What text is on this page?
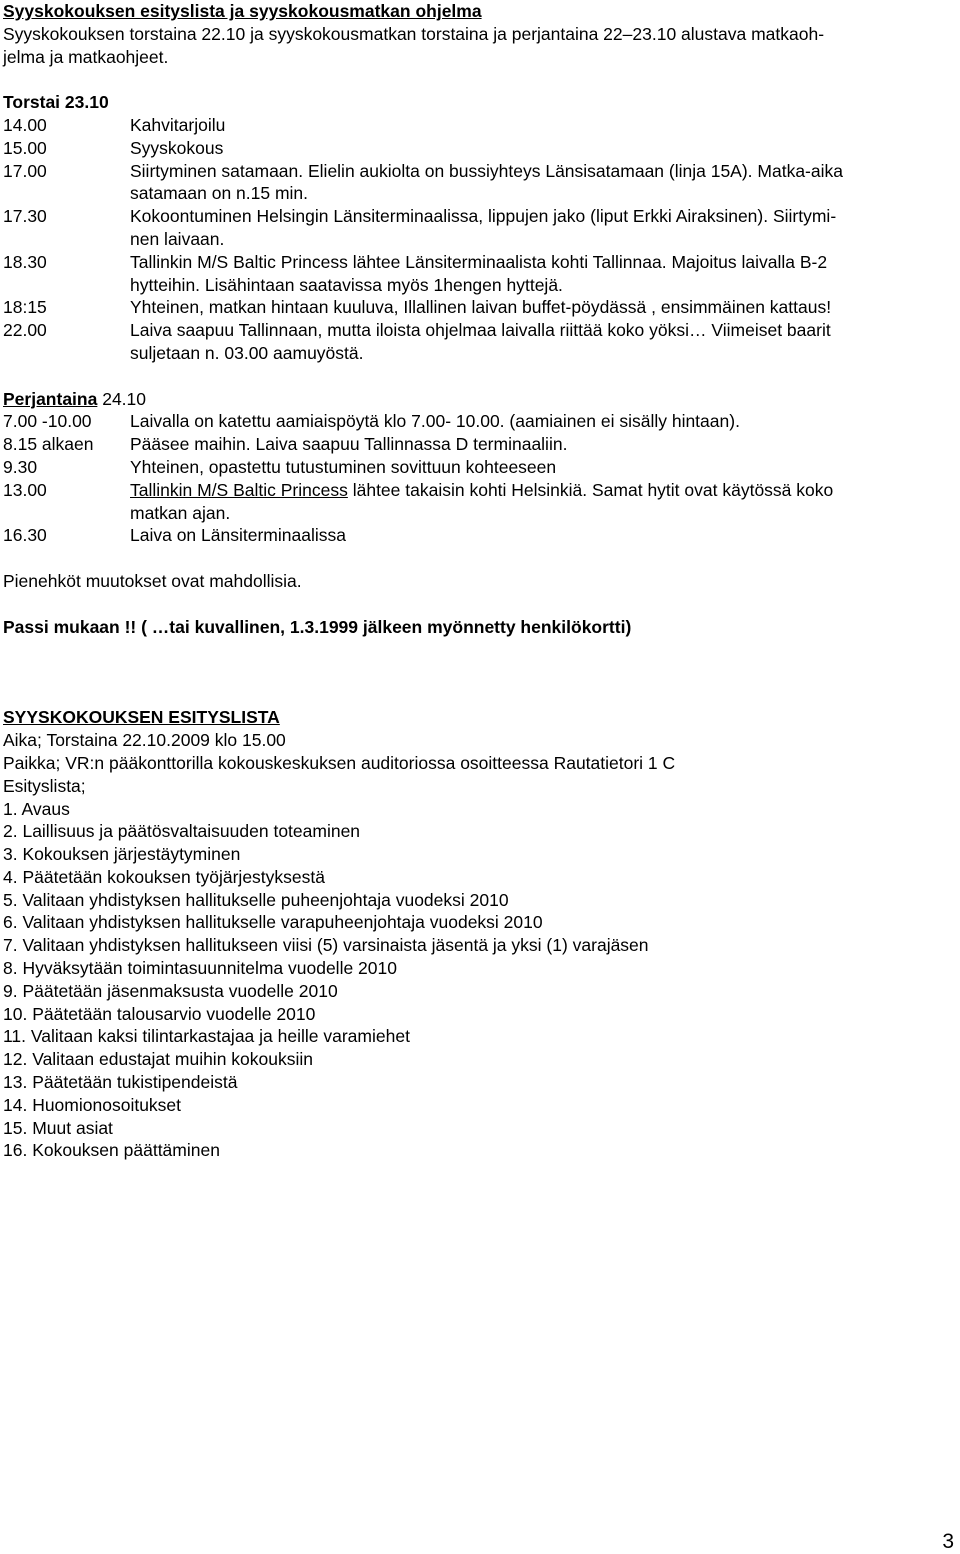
Syyskokouksen esityslista ja syyskokousmatkan ohjelma

Syyskokouksen torstaina 22.10 ja syyskokousmatkan torstaina ja perjantaina 22–23.10 alustava matkaoh-

jelma ja matkaohjeet.

Torstai 23.10

14.00	Kahvitarjoilu
15.00	Syyskokous
17.00	Siirtyminen satamaan. Elielin aukiolta on bussiyhteys Länsisatamaan (linja 15A). Matka-aika
satamaan on n.15 min.
17.30	Kokoontuminen Helsingin Länsiterminaalissa, lippujen jako (liput Erkki Airaksinen). Siirtymi-
nen laivaan.
18.30	Tallinkin M/S Baltic Princess lähtee Länsiterminaalista kohti Tallinnaa. Majoitus laivalla B-2
hytteihin. Lisähintaan saatavissa myös 1hengen hyttejä.
18:15	Yhteinen, matkan hintaan kuuluva, Illallinen laivan buffet-pöydässä , ensimmäinen kattaus!
22.00	Laiva saapuu Tallinnaan, mutta iloista ohjelmaa laivalla riittää koko yöksi… Viimeiset baarit
suljetaan n. 03.00 aamuyöstä.

Perjantaina 24.10

7.00 -10.00	Laivalla on katettu aamiaispöytä klo 7.00- 10.00. (aamiainen ei sisälly hintaan).
8.15 alkaen	Pääsee maihin. Laiva saapuu Tallinnassa D terminaaliin.
9.30	Yhteinen, opastettu tutustuminen sovittuun kohteeseen
13.00	Tallinkin M/S Baltic Princess lähtee takaisin kohti Helsinkiä. Samat hytit ovat käytössä koko
matkan ajan.
16.30	Laiva on Länsiterminaalissa

Pienehköt muutokset ovat mahdollisia.

Passi mukaan !! ( …tai kuvallinen, 1.3.1999 jälkeen myönnetty henkilökortti)

SYYSKOKOUKSEN ESITYSLISTA

Aika; Torstaina 22.10.2009 klo 15.00

Paikka; VR:n pääkonttorilla kokouskeskuksen auditoriossa osoitteessa Rautatietori 1 C

Esityslista;

1. Avaus

2. Laillisuus ja päätösvaltaisuuden toteaminen

3. Kokouksen järjestäytyminen

4. Päätetään kokouksen työjärjestyksestä

5. Valitaan yhdistyksen hallitukselle puheenjohtaja vuodeksi 2010

6. Valitaan yhdistyksen hallitukselle varapuheenjohtaja vuodeksi 2010

7. Valitaan yhdistyksen hallitukseen viisi (5) varsinaista jäsentä ja yksi (1) varajäsen

8. Hyväksytään toimintasuunnitelma vuodelle 2010

9. Päätetään jäsenmaksusta vuodelle 2010

10. Päätetään talousarvio vuodelle 2010

11. Valitaan kaksi tilintarkastajaa ja heille varamiehet

12. Valitaan edustajat muihin kokouksiin

13. Päätetään tukistipendeistä

14. Huomionosoitukset

15. Muut asiat

16. Kokouksen päättäminen

3
